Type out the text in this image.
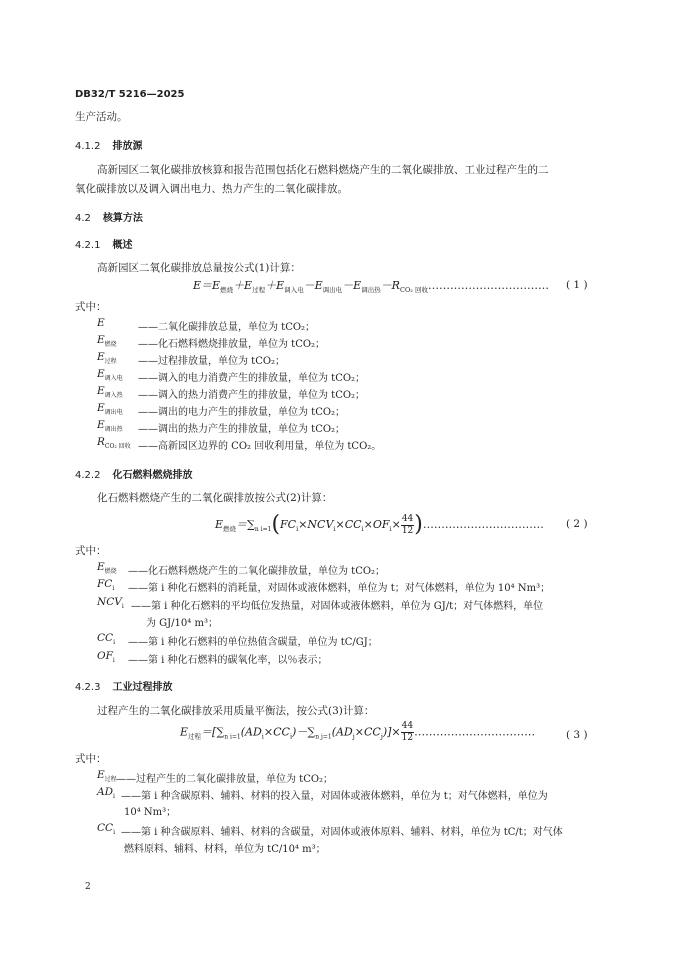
DB32/T 5216—2025
生产活动。
4.1.2 排放源
高新园区二氧化碳排放核算和报告范围包括化石燃料燃烧产生的二氧化碳排放、工业过程产生的二
氧化碳排放以及调入调出电力、热力产生的二氧化碳排放。
4.2 核算方法
4.2.1 概述
高新园区二氧化碳排放总量按公式(1)计算：
$E=E_{燃烧}+E_{过程}+E_{调入电}-E_{调出电}-E_{调出热}-R_{CO_2 回收}\dots\dots\dots\dots\dots\dots\dots\dots\dots\dots\dots$ ( 1 )
式中：
E	——二氧化碳排放总量，单位为 tCO₂；
$E_{燃烧}$ ——化石燃料燃烧排放量，单位为 tCO₂；
$E_{过程}$ ——过程排放量，单位为 tCO₂；
$E_{调入电}$ ——调入的电力消费产生的排放量，单位为 tCO₂；
$E_{调入热}$ ——调入的热力消费产生的排放量，单位为 tCO₂；
$E_{调出电}$ ——调出的电力产生的排放量，单位为 tCO₂；
$E_{调出热}$ ——调出的热力产生的排放量，单位为 tCO₂；
$R_{CO_2 回收}$ ——高新园区边界的 CO₂ 回收利用量，单位为 tCO₂。
4.2.2 化石燃料燃烧排放
化石燃料燃烧产生的二氧化碳排放按公式(2)计算：
$E_{燃烧}=\sum_{n i=1}(FC_i\times NCV_i\times CC_i\times OF_i\times \frac{44}{12}$ )…………………………… ( 2 )
式中：
$E_{燃烧}$ ——化石燃料燃烧产生的二氧化碳排放量，单位为 tCO₂；
$FC_i$ ——第 i 种化石燃料的消耗量，对固体或液体燃料，单位为 t；对气体燃料，单位为 10⁴ Nm³；
$NCV_i$ ——第 i 种化石燃料的平均低位发热量，对固体或液体燃料，单位为 GJ/t；对气体燃料，单位
为 GJ/10⁴ m³；
$CC_i$ ——第 i 种化石燃料的单位热值含碳量，单位为 tC/GJ；
$OF_i$ ——第 i 种化石燃料的碳氧化率，以％表示；
4.2.3 工业过程排放
过程产生的二氧化碳排放采用质量平衡法，按公式(3)计算：
$E_{过程}=[\sum_{n i=1}(AD_i\times CC_i)-\sum_{n j=1}(AD_j\times CC_j)]\times \frac{44}{12}$ ……………………………	( 3 )
式中：
$E_{过程}$ ——过程产生的二氧化碳排放量，单位为 tCO₂；
$AD_i$ ——第 i 种含碳原料、辅料、材料的投入量，对固体或液体燃料，单位为 t；对气体燃料，单位为
10⁴ Nm³；
$CC_i$ ——第 i 种含碳原料、辅料、材料的含碳量，对固体或液体原料、辅料、材料，单位为 tC/t；对气体
燃料原料、辅料、材料，单位为 tC/10⁴ m³；
2
